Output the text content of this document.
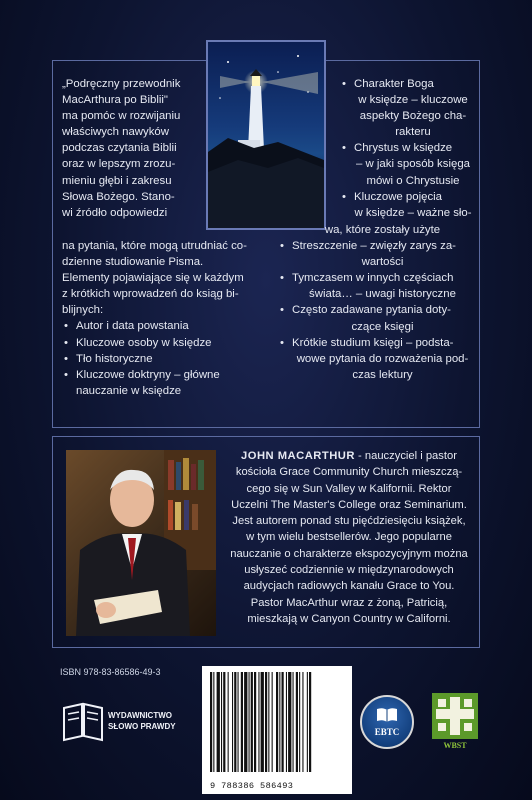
„Podręczny przewodnik
MacArthura po Biblii"
ma pomóc w rozwijaniu
właściwych nawyków
podczas czytania Biblii
oraz w lepszym zrozu-
mieniu głębi i zakresu
Słowa Bożego. Stano-
wi źródło odpowiedzi
na pytania, które mogą utrudniać co-
dzienne studiowanie Pisma.
Elementy pojawiające się w każdym
z krótkich wprowadzeń do ksiąg bi-
blijnych:
• Autor i data powstania
• Kluczowe osoby w księdze
• Tło historyczne
• Kluczowe doktryny – główne
nauczanie w księdze
• Charakter Boga
w księdze – kluczowe
aspekty Bożego cha-
rakteru
• Chrystus w księdze
– w jaki sposób księga
mówi o Chrystusie
• Kluczowe pojęcia
w księdze – ważne sło-
wa, które zostały użyte
• Streszczenie – zwięzły zarys za-
wartości
• Tymczasem w innych częściach
świata… – uwagi historyczne
• Często zadawane pytania doty-
czące księgi
• Krótkie studium księgi – podsta-
wowe pytania do rozważenia pod-
czas lektury
JOHN MACARTHUR - nauczyciel i pastor
kościoła Grace Community Church mieszczą-
cego się w Sun Valley w Kalifornii. Rektor
Uczelni The Master's College oraz Seminarium.
Jest autorem ponad stu pięćdziesięciu książek,
w tym wielu bestsellerów. Jego popularne
nauczanie o charakterze ekspozycyjnym można
usłyszeć codziennie w międzynarodowych
audycjach radiowych kanału Grace to You.
Pastor MacArthur wraz z żoną, Patricią,
mieszkają w Canyon Country w Californi.
ISBN 978-83-86586-49-3
WYDAWNICTWO
SŁOWO PRAWDY
9 788386 586493
EBTC
WBST
